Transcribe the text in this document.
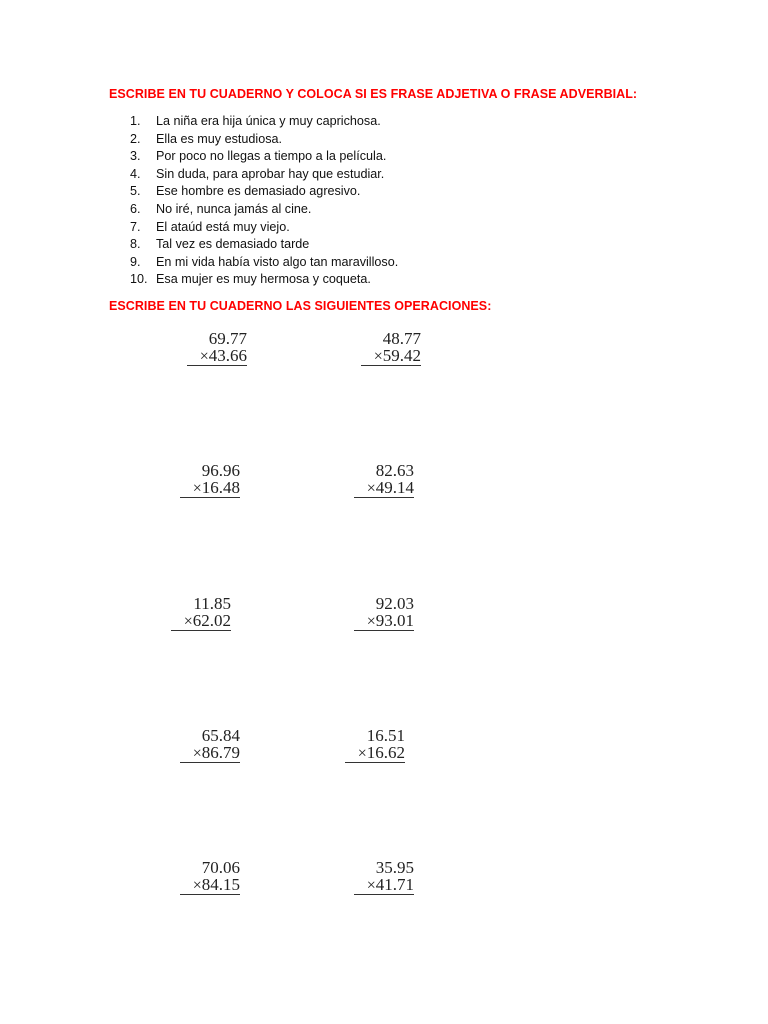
ESCRIBE EN TU CUADERNO Y COLOCA SI ES FRASE ADJETIVA O FRASE ADVERBIAL:
1. La niña era hija única y muy caprichosa.
2. Ella es muy estudiosa.
3. Por poco no llegas a tiempo a la película.
4. Sin duda, para aprobar hay que estudiar.
5. Ese hombre es demasiado agresivo.
6. No iré, nunca jamás al cine.
7. El ataúd está muy viejo.
8. Tal vez es demasiado tarde
9. En mi vida había visto algo tan maravilloso.
10. Esa mujer es muy hermosa y coqueta.
ESCRIBE EN TU CUADERNO LAS SIGUIENTES OPERACIONES:
69.77
×43.66
48.77
×59.42
96.96
×16.48
82.63
×49.14
11.85
×62.02
92.03
×93.01
65.84
×86.79
16.51
×16.62
70.06
×84.15
35.95
×41.71
